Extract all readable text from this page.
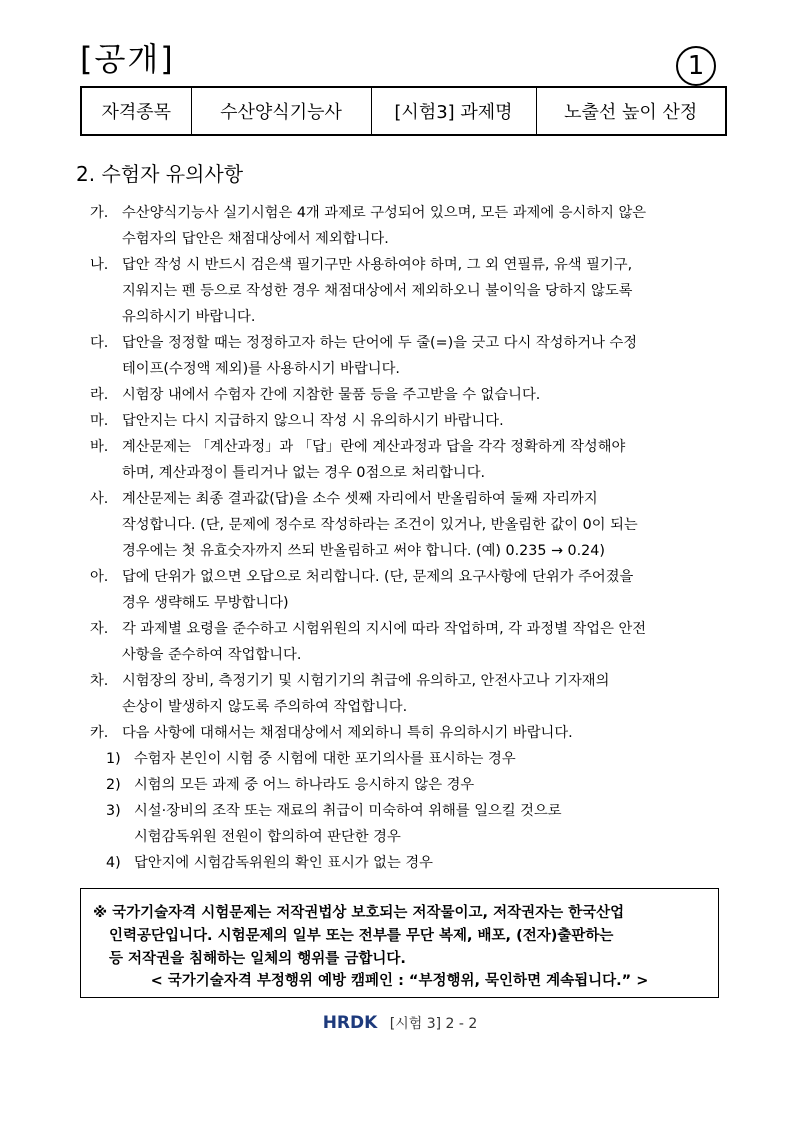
[공개]	1
자격종목	수산양식기능사	[시험3] 과제명	노출선 높이 산정
2. 수험자 유의사항
가. 수산양식기능사 실기시험은 4개 과제로 구성되어 있으며, 모든 과제에 응시하지 않은
수험자의 답안은 채점대상에서 제외합니다.
나. 답안 작성 시 반드시 검은색 필기구만 사용하여야 하며, 그 외 연필류, 유색 필기구,
지워지는 펜 등으로 작성한 경우 채점대상에서 제외하오니 불이익을 당하지 않도록
유의하시기 바랍니다.
다. 답안을 정정할 때는 정정하고자 하는 단어에 두 줄(=)을 긋고 다시 작성하거나 수정
테이프(수정액 제외)를 사용하시기 바랍니다.
라. 시험장 내에서 수험자 간에 지참한 물품 등을 주고받을 수 없습니다.
마. 답안지는 다시 지급하지 않으니 작성 시 유의하시기 바랍니다.
바. 계산문제는 「계산과정」과 「답」란에 계산과정과 답을 각각 정확하게 작성해야
하며, 계산과정이 틀리거나 없는 경우 0점으로 처리합니다.
사. 계산문제는 최종 결과값(답)을 소수 셋째 자리에서 반올림하여 둘째 자리까지
작성합니다. (단, 문제에 정수로 작성하라는 조건이 있거나, 반올림한 값이 0이 되는
경우에는 첫 유효숫자까지 쓰되 반올림하고 써야 합니다. (예) 0.235 → 0.24)
아. 답에 단위가 없으면 오답으로 처리합니다. (단, 문제의 요구사항에 단위가 주어졌을
경우 생략해도 무방합니다)
자. 각 과제별 요령을 준수하고 시험위원의 지시에 따라 작업하며, 각 과정별 작업은 안전
사항을 준수하여 작업합니다.
차. 시험장의 장비, 측정기기 및 시험기기의 취급에 유의하고, 안전사고나 기자재의
손상이 발생하지 않도록 주의하여 작업합니다.
카. 다음 사항에 대해서는 채점대상에서 제외하니 특히 유의하시기 바랍니다.
1) 수험자 본인이 시험 중 시험에 대한 포기의사를 표시하는 경우
2) 시험의 모든 과제 중 어느 하나라도 응시하지 않은 경우
3) 시설·장비의 조작 또는 재료의 취급이 미숙하여 위해를 일으킬 것으로
시험감독위원 전원이 합의하여 판단한 경우
4) 답안지에 시험감독위원의 확인 표시가 없는 경우
※ 국가기술자격 시험문제는 저작권법상 보호되는 저작물이고, 저작권자는 한국산업
인력공단입니다. 시험문제의 일부 또는 전부를 무단 복제, 배포, (전자)출판하는
등 저작권을 침해하는 일체의 행위를 금합니다.
< 국가기술자격 부정행위 예방 캠페인 : “부정행위, 묵인하면 계속됩니다.” >
HRDK [시험 3] 2 - 2
